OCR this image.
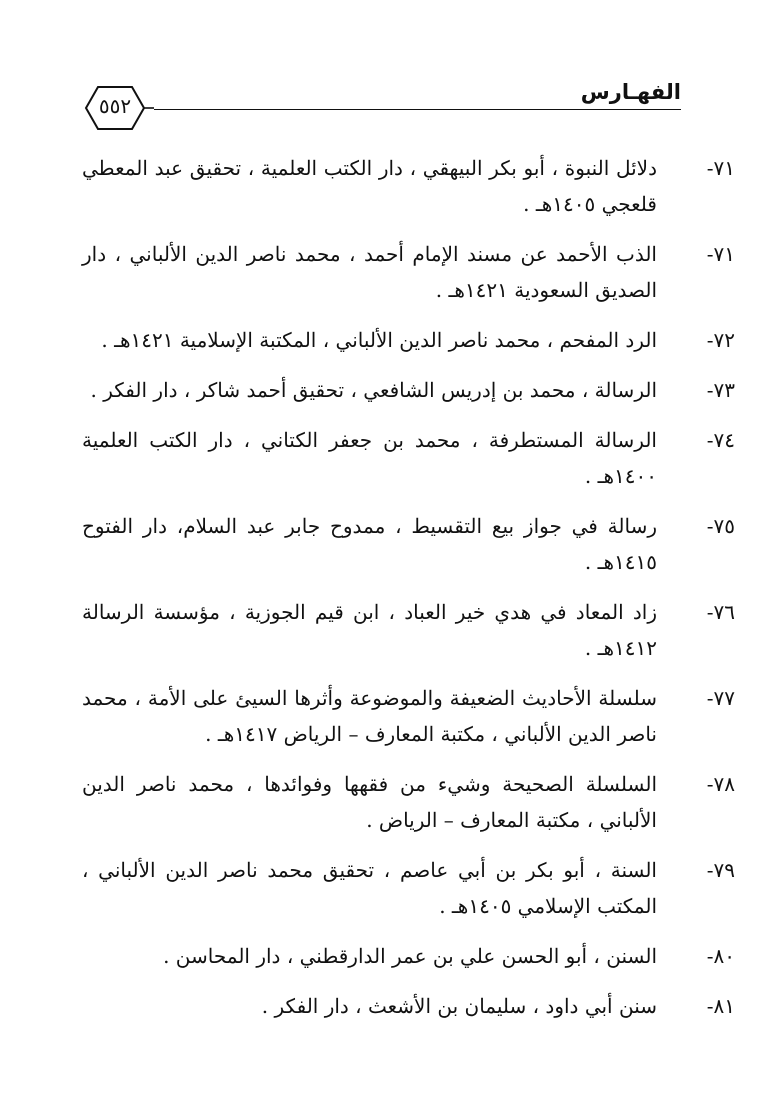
الفهـارس
٥٥٢
٧١-
دلائل النبوة ، أبو بكر البيهقي ، دار الكتب العلمية ، تحقيق عبد المعطي قلعجي ١٤٠٥هـ .
٧١-
الذب الأحمد عن مسند الإمام أحمد ، محمد ناصر الدين الألباني ، دار الصديق السعودية ١٤٢١هـ .
٧٢-
الرد المفحم ، محمد ناصر الدين الألباني ، المكتبة الإسلامية ١٤٢١هـ .
٧٣-
الرسالة ، محمد بن إدريس الشافعي ، تحقيق أحمد شاكر ، دار الفكر .
٧٤-
الرسالة المستطرفة ، محمد بن جعفر الكتاني ، دار الكتب العلمية ١٤٠٠هـ .
٧٥-
رسالة في جواز بيع التقسيط ، ممدوح جابر عبد السلام، دار الفتوح ١٤١٥هـ .
٧٦-
زاد المعاد في هدي خير العباد ، ابن قيم الجوزية ، مؤسسة الرسالة ١٤١٢هـ .
٧٧-
سلسلة الأحاديث الضعيفة والموضوعة وأثرها السيئ على الأمة ، محمد ناصر الدين الألباني ، مكتبة المعارف – الرياض ١٤١٧هـ .
٧٨-
السلسلة الصحيحة وشيء من فقهها وفوائدها ، محمد ناصر الدين الألباني ، مكتبة المعارف – الرياض .
٧٩-
السنة ، أبو بكر بن أبي عاصم ، تحقيق محمد ناصر الدين الألباني ، المكتب الإسلامي ١٤٠٥هـ .
٨٠-
السنن ، أبو الحسن علي بن عمر الدارقطني ، دار المحاسن .
٨١-
سنن أبي داود ، سليمان بن الأشعث ، دار الفكر .
